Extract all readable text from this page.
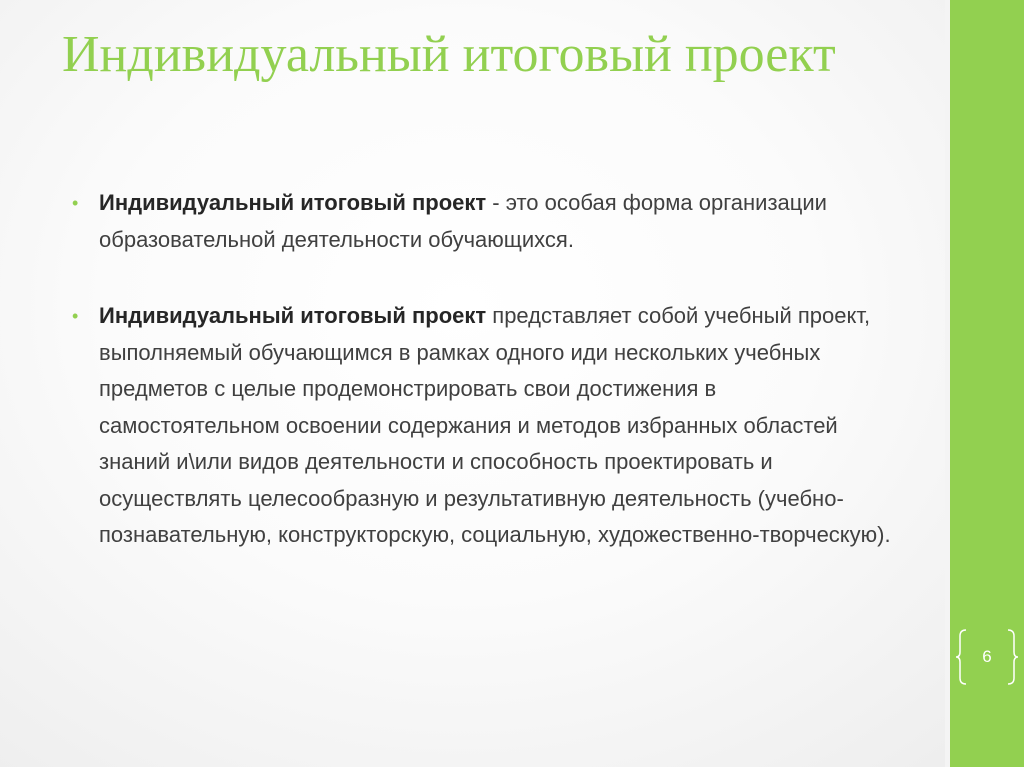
6
Индивидуальный итоговый проект
• Индивидуальный итоговый проект - это особая форма организации образовательной деятельности обучающихся.
• Индивидуальный итоговый проект представляет собой учебный проект, выполняемый обучающимся в рамках одного иди нескольких учебных предметов с целые продемонстрировать свои достижения в самостоятельном освоении содержания и методов избранных областей знаний и\или видов деятельности и способность проектировать и осуществлять целесообразную и результативную деятельность (учебно-познавательную, конструкторскую, социальную, художественно-творческую).
